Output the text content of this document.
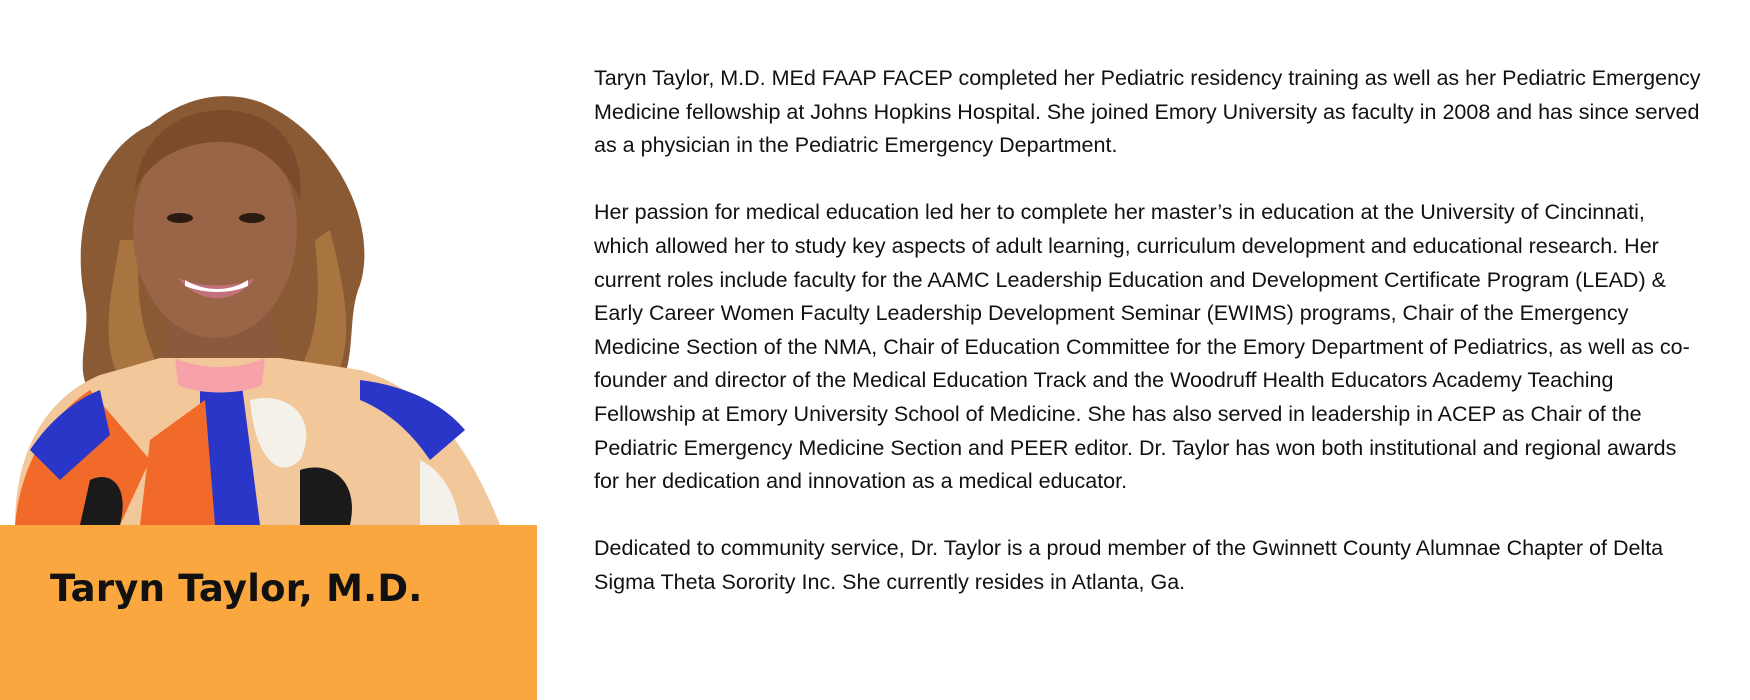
Taryn Taylor, M.D.

Taryn Taylor, M.D. MEd FAAP FACEP completed her Pediatric residency training as well as her Pediatric Emergency Medicine fellowship at Johns Hopkins Hospital. She joined Emory University as faculty in 2008 and has since served as a physician in the Pediatric Emergency Department.

Her passion for medical education led her to complete her master’s in education at the University of Cincinnati, which allowed her to study key aspects of adult learning, curriculum development and educational research. Her current roles include faculty for the AAMC Leadership Education and Development Certificate Program (LEAD) & Early Career Women Faculty Leadership Development Seminar (EWIMS) programs, Chair of the Emergency Medicine Section of the NMA, Chair of Education Committee for the Emory Department of Pediatrics, as well as co-founder and director of the Medical Education Track and the Woodruff Health Educators Academy Teaching Fellowship at Emory University School of Medicine. She has also served in leadership in ACEP as Chair of the Pediatric Emergency Medicine Section and PEER editor. Dr. Taylor has won both institutional and regional awards for her dedication and innovation as a medical educator.

Dedicated to community service, Dr. Taylor is a proud member of the Gwinnett County Alumnae Chapter of Delta Sigma Theta Sorority Inc. She currently resides in Atlanta, Ga.
